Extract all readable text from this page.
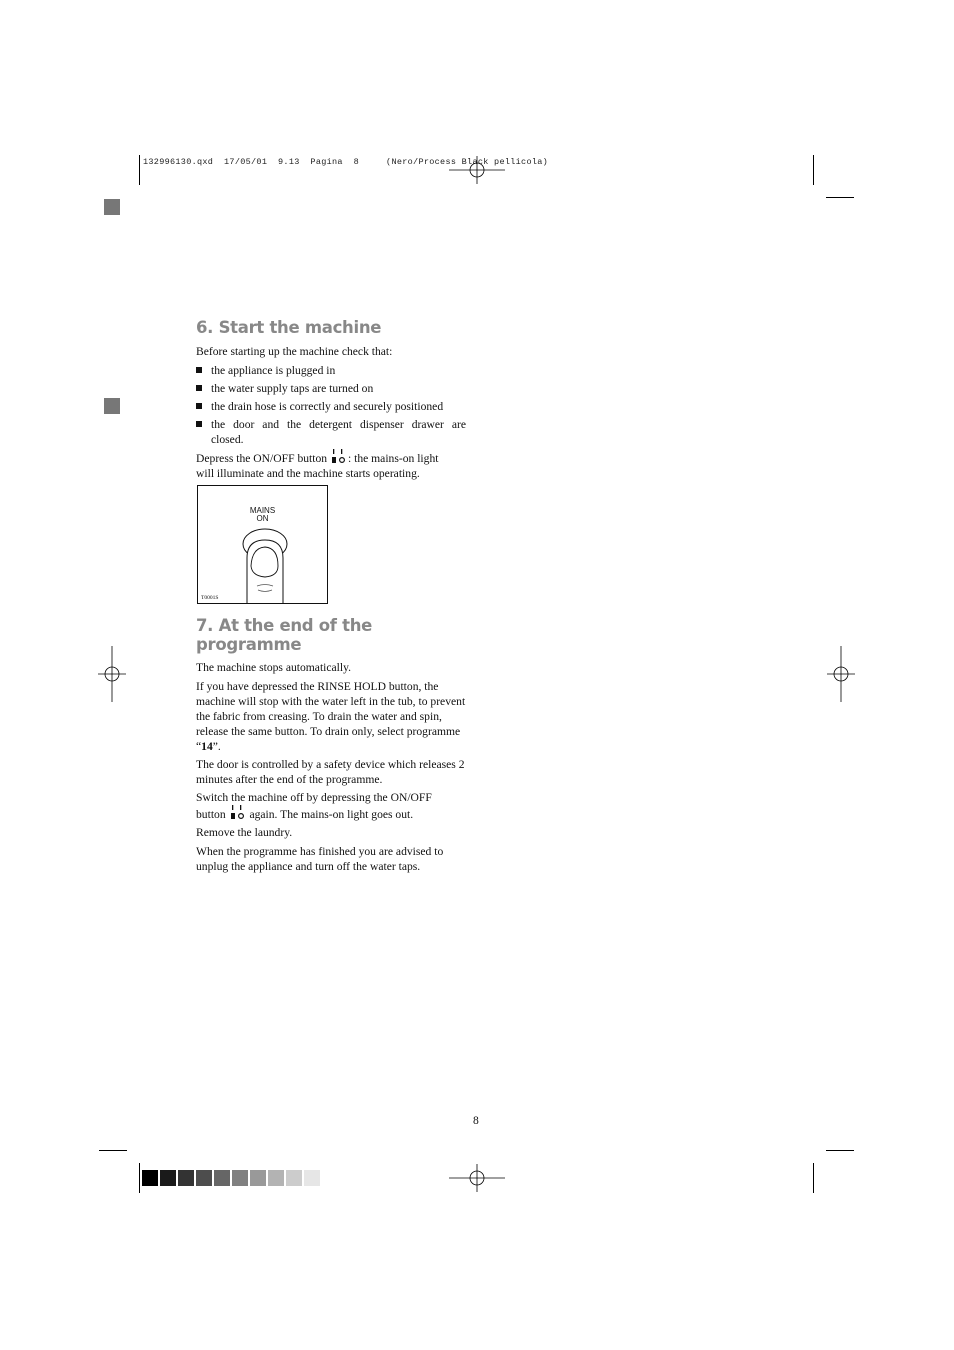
132996130.qxd  17/05/01  9.13  Pagina  8     (Nero/Process Black pellicola)
6. Start the machine

Before starting up the machine check that:

the appliance is plugged in
the water supply taps are turned on
the drain hose is correctly and securely positioned
the door and the detergent dispenser drawer are closed.

Depress the ON/OFF button : the mains-on light
will illuminate and the machine starts operating.

MAINS
ON
T0001S
7. At the end of the programme

The machine stops automatically.

If you have depressed the RINSE HOLD button, the machine will stop with the water left in the tub, to prevent the fabric from creasing. To drain the water and spin, release the same button. To drain only, select programme “14”.

The door is controlled by a safety device which releases 2 minutes after the end of the programme.

Switch the machine off by depressing the ON/OFF
button again. The mains-on light goes out.

Remove the laundry.

When the programme has finished you are advised to unplug the appliance and turn off the water taps.

8
